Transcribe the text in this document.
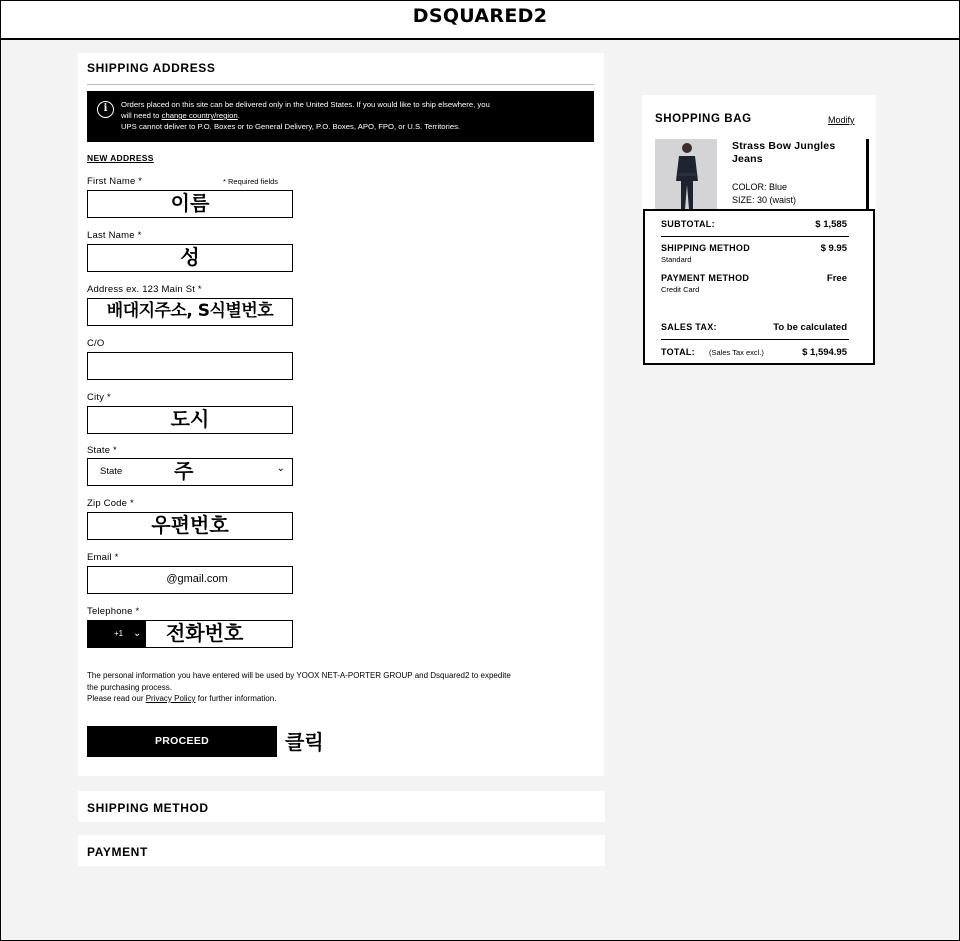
DSQUARED2
SHIPPING ADDRESS
i	Orders placed on this site can be delivered only in the United States. If you would like to ship elsewhere, you
will need to change country/region.
UPS cannot deliver to P.O. Boxes or to General Delivery, P.O. Boxes, APO, FPO, or U.S. Territories.
NEW ADDRESS
* Required fields
First Name *
이름
Last Name *
성
Address ex. 123 Main St *
배대지주소, S식별번호
C/O
City *
도시
State *
State	주	⌄
Zip Code *
우편번호
Email *
@gmail.com
Telephone *
+1 ⌄ 전화번호
The personal information you have entered will be used by YOOX NET-A-PORTER GROUP and Dsquared2 to expedite
the purchasing process.
Please read our Privacy Policy for further information.
PROCEED	클릭
SHIPPING METHOD
PAYMENT
SHOPPING BAG	Modify
Strass Bow Jungles Jeans
COLOR: Blue
SIZE: 30 (waist)
SUBTOTAL:	$ 1,585
SHIPPING METHOD	$ 9.95
Standard
PAYMENT METHOD	Free
Credit Card
SALES TAX:	To be calculated
TOTAL: (Sales Tax excl.)	$ 1,594.95
